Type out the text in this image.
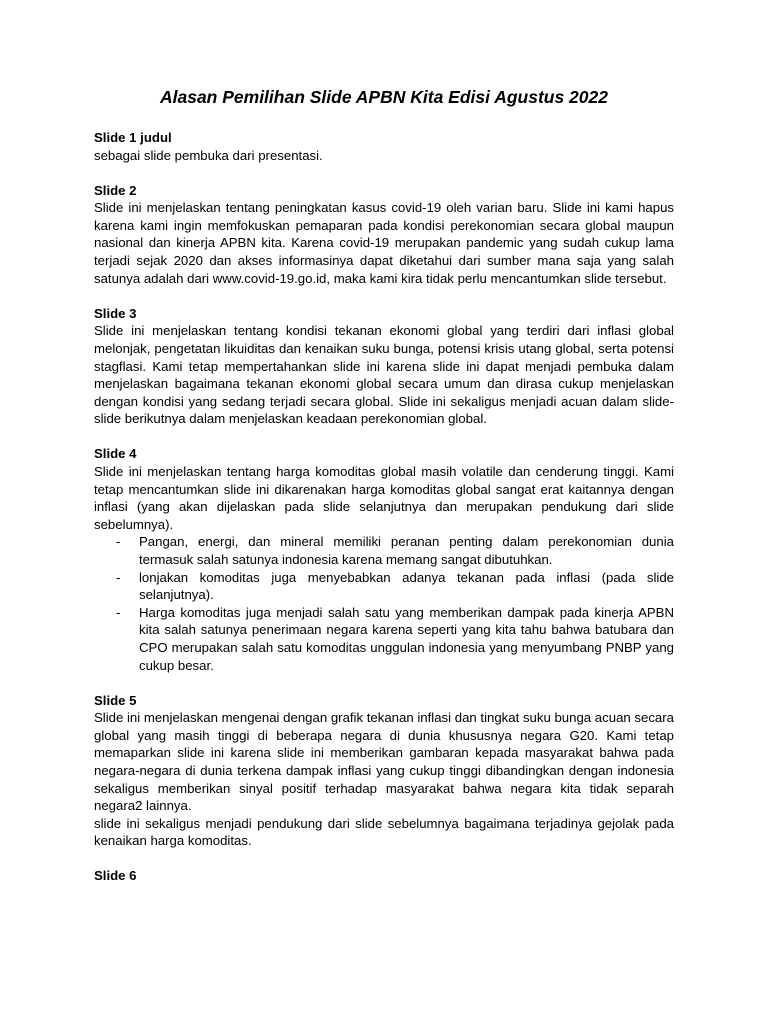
Alasan Pemilihan Slide APBN Kita Edisi Agustus 2022
Slide 1 judul

sebagai slide pembuka dari presentasi.

Slide 2

Slide ini menjelaskan tentang peningkatan kasus covid-19 oleh varian baru. Slide ini kami hapus karena kami ingin memfokuskan pemaparan pada kondisi perekonomian secara global maupun nasional dan kinerja APBN kita. Karena covid-19 merupakan pandemic yang sudah cukup lama terjadi sejak 2020 dan akses informasinya dapat diketahui dari sumber mana saja yang salah satunya adalah dari www.covid-19.go.id, maka kami kira tidak perlu mencantumkan slide tersebut.

Slide 3

Slide ini menjelaskan tentang kondisi tekanan ekonomi global yang terdiri dari inflasi global melonjak, pengetatan likuiditas dan kenaikan suku bunga, potensi krisis utang global, serta potensi stagflasi. Kami tetap mempertahankan slide ini karena slide ini dapat menjadi pembuka dalam menjelaskan bagaimana tekanan ekonomi global secara umum dan dirasa cukup menjelaskan dengan kondisi yang sedang terjadi secara global. Slide ini sekaligus menjadi acuan dalam slide-slide berikutnya dalam menjelaskan keadaan perekonomian global.

Slide 4

Slide ini menjelaskan tentang harga komoditas global masih volatile dan cenderung tinggi. Kami tetap mencantumkan slide ini dikarenakan harga komoditas global sangat erat kaitannya dengan inflasi (yang akan dijelaskan pada slide selanjutnya dan merupakan pendukung dari slide sebelumnya).

- Pangan, energi, dan mineral memiliki peranan penting dalam perekonomian dunia termasuk salah satunya indonesia karena memang sangat dibutuhkan.
- lonjakan komoditas juga menyebabkan adanya tekanan pada inflasi (pada slide selanjutnya).
- Harga komoditas juga menjadi salah satu yang memberikan dampak pada kinerja APBN kita salah satunya penerimaan negara karena seperti yang kita tahu bahwa batubara dan CPO merupakan salah satu komoditas unggulan indonesia yang menyumbang PNBP yang cukup besar.
Slide 5

Slide ini menjelaskan mengenai dengan grafik tekanan inflasi dan tingkat suku bunga acuan secara global yang masih tinggi di beberapa negara di dunia khususnya negara G20. Kami tetap memaparkan slide ini karena slide ini memberikan gambaran kepada masyarakat bahwa pada negara-negara di dunia terkena dampak inflasi yang cukup tinggi dibandingkan dengan indonesia sekaligus memberikan sinyal positif terhadap masyarakat bahwa negara kita tidak separah negara2 lainnya.

slide ini sekaligus menjadi pendukung dari slide sebelumnya bagaimana terjadinya gejolak pada kenaikan harga komoditas.

Slide 6
